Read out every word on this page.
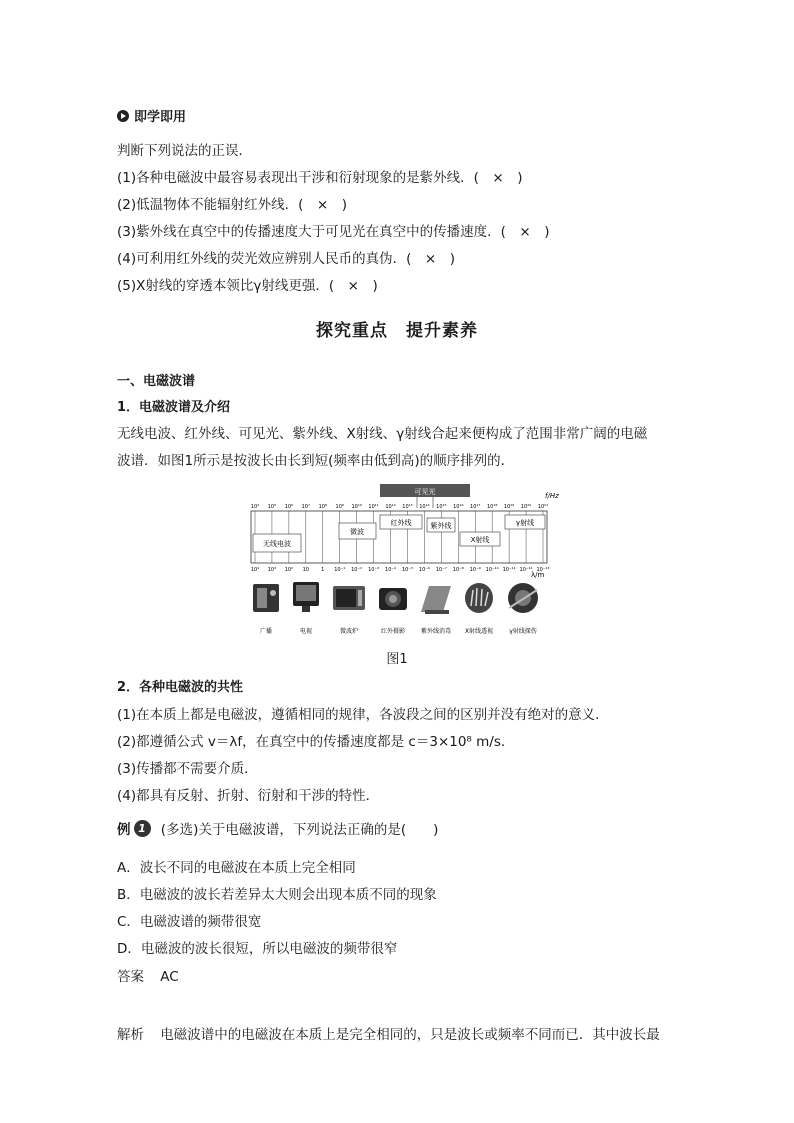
即学即用
判断下列说法的正误．
(1)各种电磁波中最容易表现出干涉和衍射现象的是紫外线．(　×　)
(2)低温物体不能辐射红外线．(　×　)
(3)紫外线在真空中的传播速度大于可见光在真空中的传播速度．(　×　)
(4)可利用红外线的荧光效应辨别人民币的真伪．(　×　)
(5)X射线的穿透本领比γ射线更强．(　×　)
探究重点　提升素养
一、电磁波谱
1．电磁波谱及介绍
无线电波、红外线、可见光、紫外线、X射线、γ射线合起来便构成了范围非常广阔的电磁
波谱．如图1所示是按波长由长到短(频率由低到高)的顺序排列的．
可见光	f/Hz
10⁴ 10⁵ 10⁶ 10⁷ 10⁸ 10⁹ 10¹⁰ 10¹¹ 10¹² 10¹³ 10¹⁴ 10¹⁵ 10¹⁶ 10¹⁷ 10¹⁸ 10¹⁹ 10²⁰ 10²¹
无线电波
微波
红外线	紫外线
X射线
γ射线
10⁴ 10³ 10² 10 1 10⁻¹ 10⁻² 10⁻³ 10⁻⁴ 10⁻⁵ 10⁻⁶ 10⁻⁷ 10⁻⁸ 10⁻⁹ 10⁻¹⁰ 10⁻¹¹ 10⁻¹² 10⁻¹³
λ/m
广播	电视	微波炉	红外摄影	紫外线消毒 X射线透视	γ射线探伤
图1
2．各种电磁波的共性
(1)在本质上都是电磁波，遵循相同的规律，各波段之间的区别并没有绝对的意义．
(2)都遵循公式 v＝λf，在真空中的传播速度都是 c＝3×10⁸ m/s.
(3)传播都不需要介质．
(4)都具有反射、折射、衍射和干涉的特性．
例 1	(多选)关于电磁波谱，下列说法正确的是(　　)
A．波长不同的电磁波在本质上完全相同
B．电磁波的波长若差异太大则会出现本质不同的现象
C．电磁波谱的频带很宽
D．电磁波的波长很短，所以电磁波的频带很窄
答案 AC
解析 电磁波谱中的电磁波在本质上是完全相同的，只是波长或频率不同而已．其中波长最
